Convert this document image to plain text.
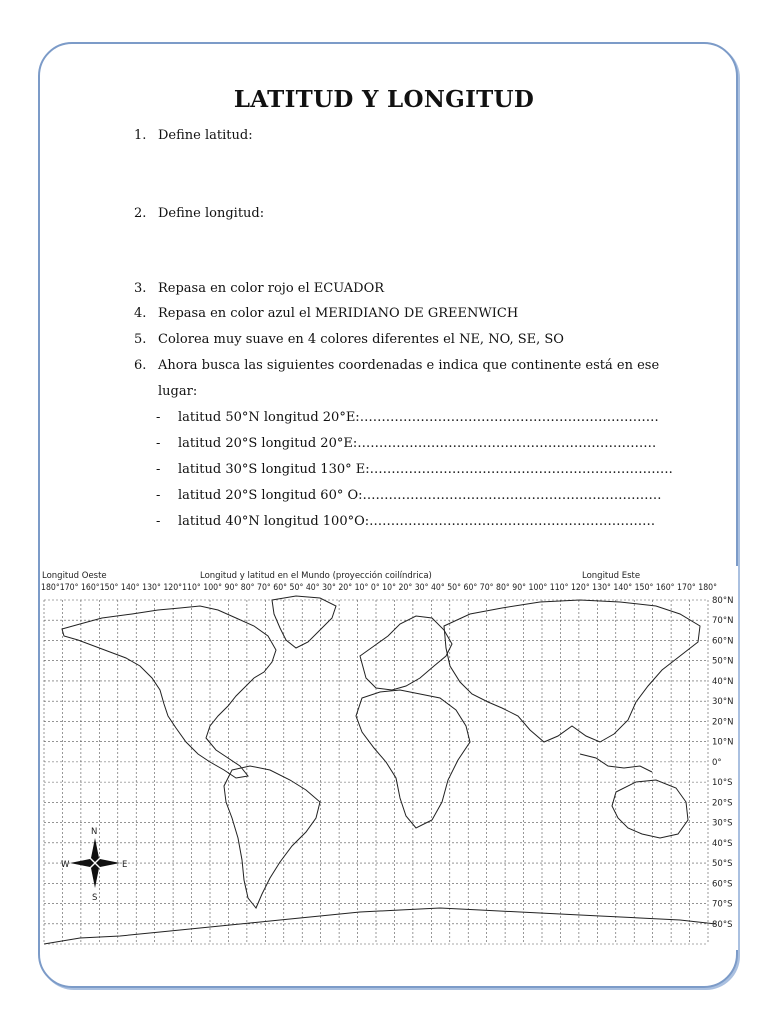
LATITUD Y LONGITUD
1. Define latitud:
2. Define longitud:
3. Repasa en color rojo el ECUADOR
4. Repasa en color azul el MERIDIANO DE GREENWICH
5. Colorea muy suave en 4 colores diferentes el NE, NO, SE, SO
6. Ahora busca las siguientes coordenadas e indica que continente está en ese
lugar:
- latitud 50°N longitud 20°E:……………………………………………………………
- latitud 20°S longitud 20°E:……………………………………………………………
- latitud 30°S longitud 130° E:…………………………………………………………….
- latitud 20°S longitud 60° O:……………………………………………………………
- latitud 40°N longitud 100°O:…………………………………………………………
Longitud Oeste	Longitud y latitud en el Mundo (proyección coilíndrica)	Longitud Este
180°170° 160°150° 140° 130° 120°110° 100° 90° 80° 70° 60° 50° 40° 30° 20° 10° 0° 10° 20° 30° 40° 50° 60° 70° 80° 90° 100° 110° 120° 130° 140° 150° 160° 170° 180°
80°N
70°N
60°N
50°N
40°N
30°N
20°N
10°N
0°
10°S
20°S
30°S
40°S
50°S
60°S
70°S
80°S
N
S
W	E
